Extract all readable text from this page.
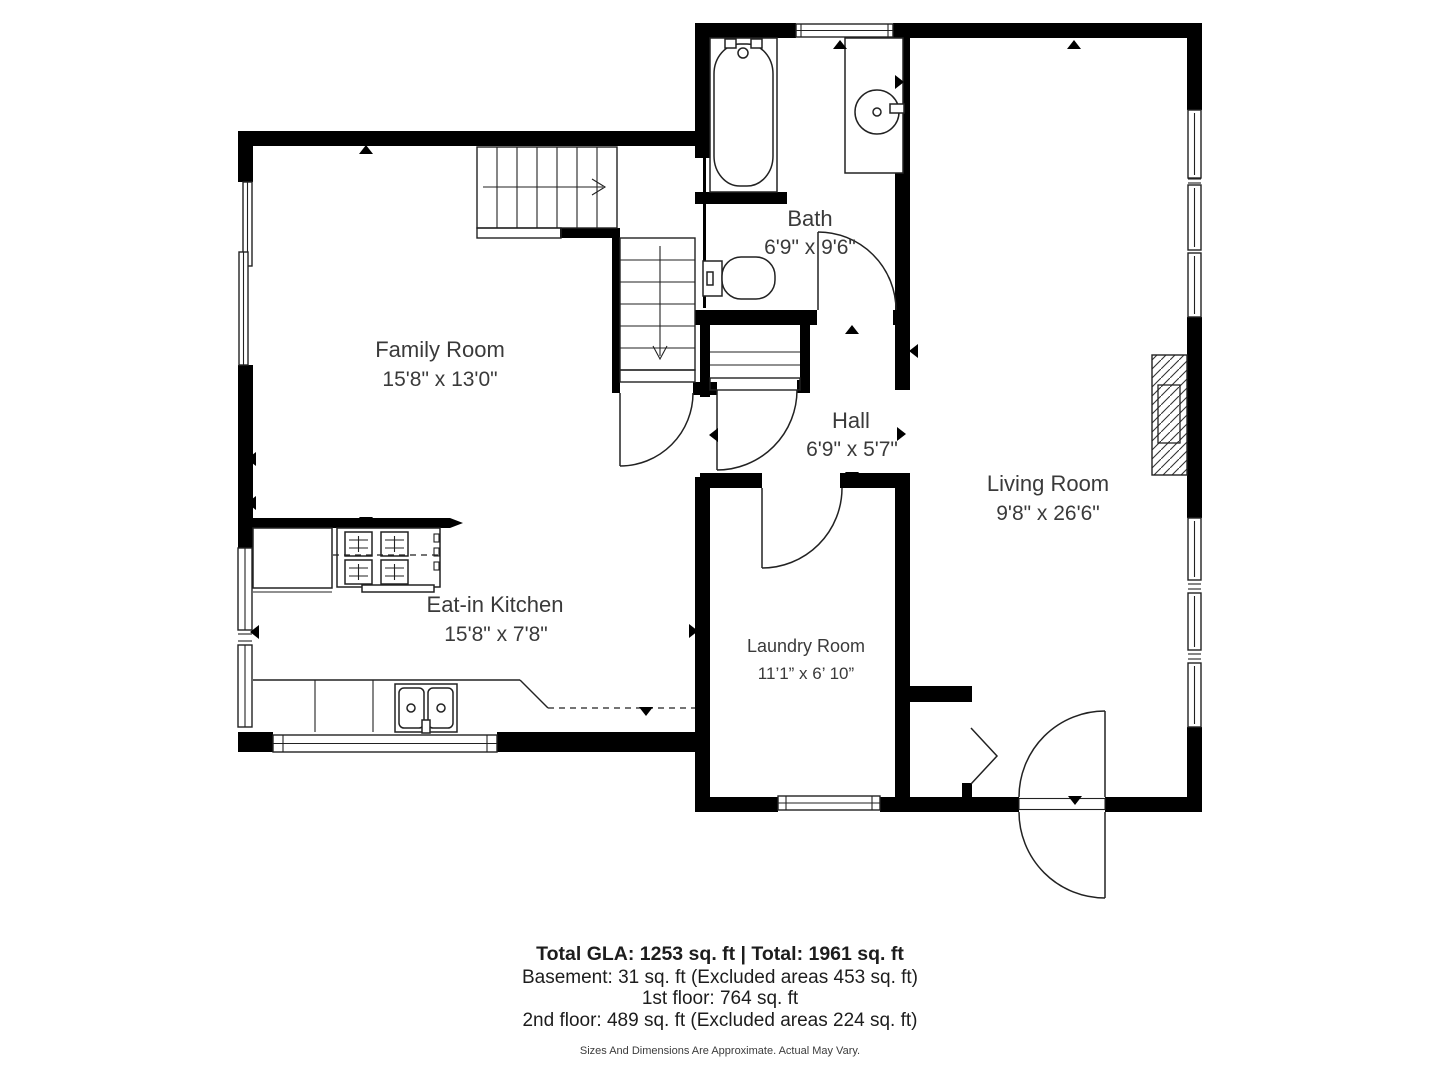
Family Room
15'8" x 13'0"
Bath
6'9" x 9'6"
Hall
6'9" x 5'7"
Living Room
9'8" x 26'6"
Eat-in Kitchen
15'8" x 7'8"	Laundry Room
11’1” x 6’ 10”
Total GLA: 1253 sq. ft | Total: 1961 sq. ft
Basement: 31 sq. ft (Excluded areas 453 sq. ft)
1st floor: 764 sq. ft
2nd floor: 489 sq. ft (Excluded areas 224 sq. ft)
Sizes And Dimensions Are Approximate. Actual May Vary.
